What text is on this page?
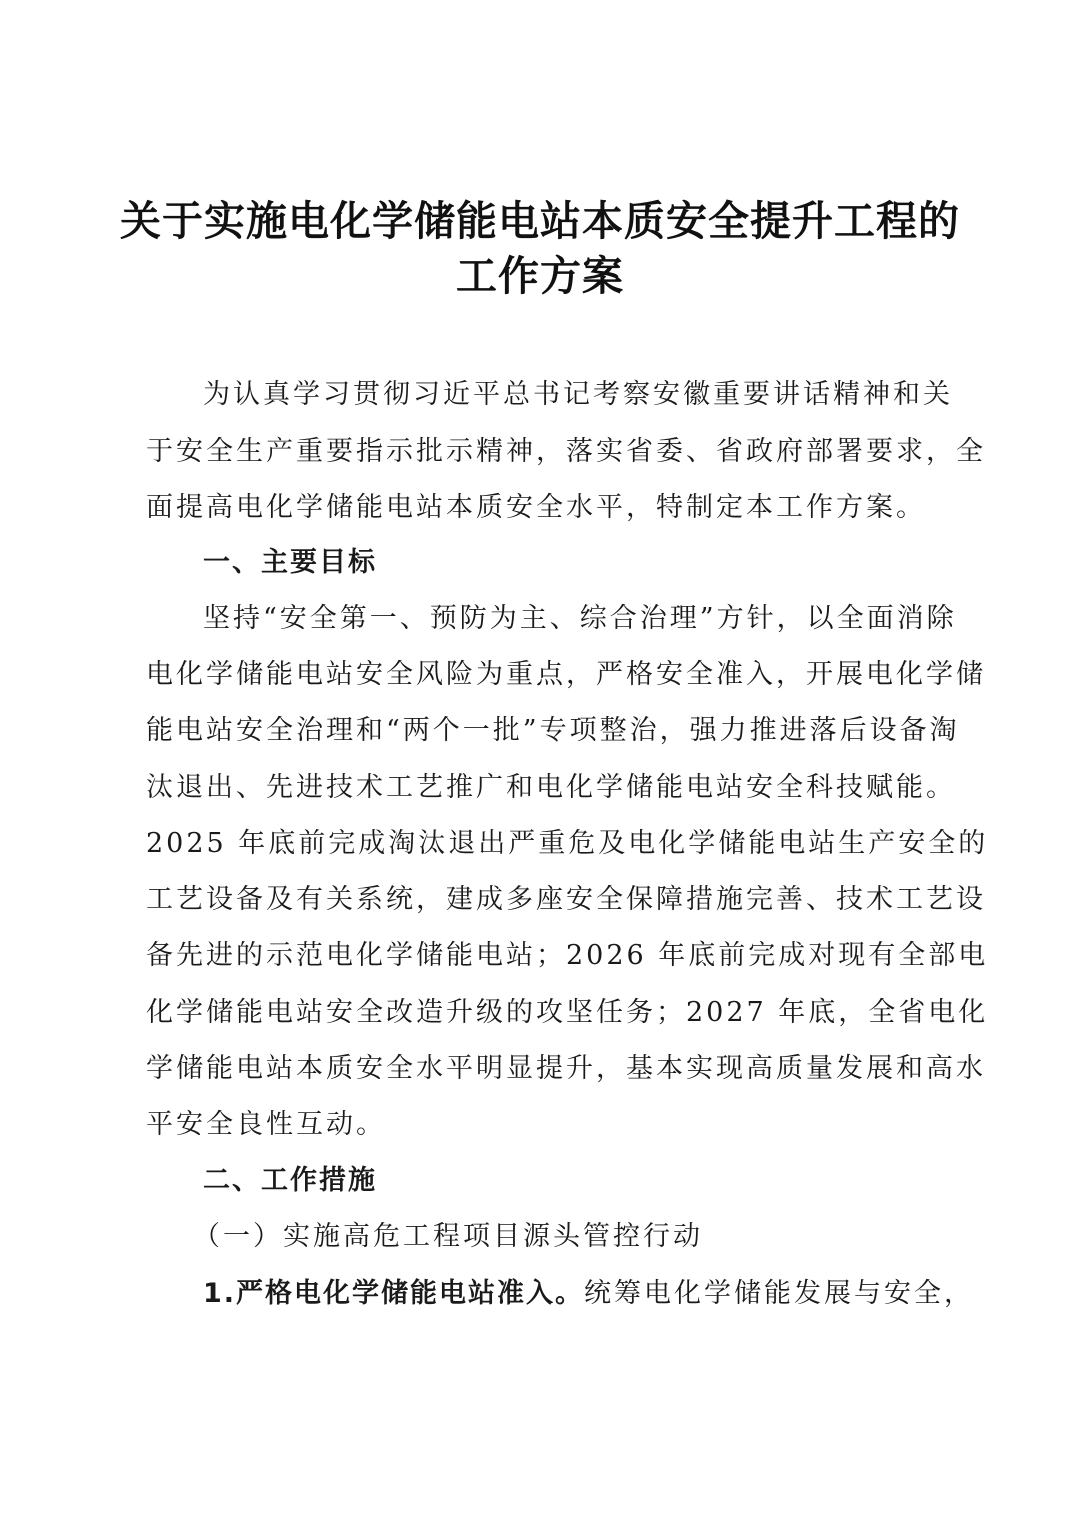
关于实施电化学储能电站本质安全提升工程的
工作方案
为认真学习贯彻习近平总书记考察安徽重要讲话精神和关
于安全生产重要指示批示精神，落实省委、省政府部署要求，全
面提高电化学储能电站本质安全水平，特制定本工作方案。
一、主要目标
坚持“安全第一、预防为主、综合治理”方针，以全面消除
电化学储能电站安全风险为重点，严格安全准入，开展电化学储
能电站安全治理和“两个一批”专项整治，强力推进落后设备淘
汰退出、先进技术工艺推广和电化学储能电站安全科技赋能。
2025 年底前完成淘汰退出严重危及电化学储能电站生产安全的
工艺设备及有关系统，建成多座安全保障措施完善、技术工艺设
备先进的示范电化学储能电站；2026 年底前完成对现有全部电
化学储能电站安全改造升级的攻坚任务；2027 年底，全省电化
学储能电站本质安全水平明显提升，基本实现高质量发展和高水
平安全良性互动。
二、工作措施
（一）实施高危工程项目源头管控行动
1.严格电化学储能电站准入。统筹电化学储能发展与安全，
